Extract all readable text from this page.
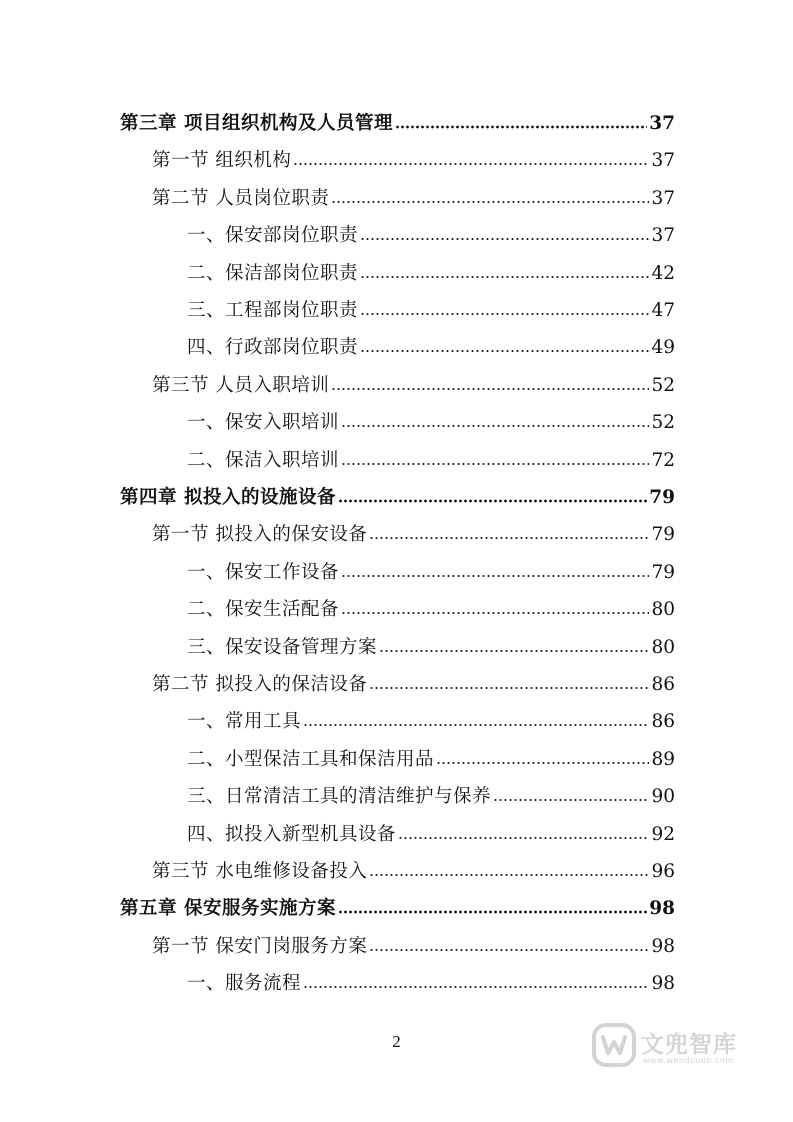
第三章 项目组织机构及人员管理	37
第一节 组织机构	37
第二节 人员岗位职责	37
一、保安部岗位职责	37
二、保洁部岗位职责	42
三、工程部岗位职责	47
四、行政部岗位职责	49
第三节 人员入职培训	52
一、保安入职培训	52
二、保洁入职培训	72
第四章 拟投入的设施设备	79
第一节 拟投入的保安设备	79
一、保安工作设备	79
二、保安生活配备	80
三、保安设备管理方案	80
第二节 拟投入的保洁设备	86
一、常用工具	86
二、小型保洁工具和保洁用品	89
三、日常清洁工具的清洁维护与保养	90
四、拟投入新型机具设备	92
第三节 水电维修设备投入	96
第五章 保安服务实施方案	98
第一节 保安门岗服务方案	98
一、服务流程	98
2	文兜智库
www.wendoulib.com
